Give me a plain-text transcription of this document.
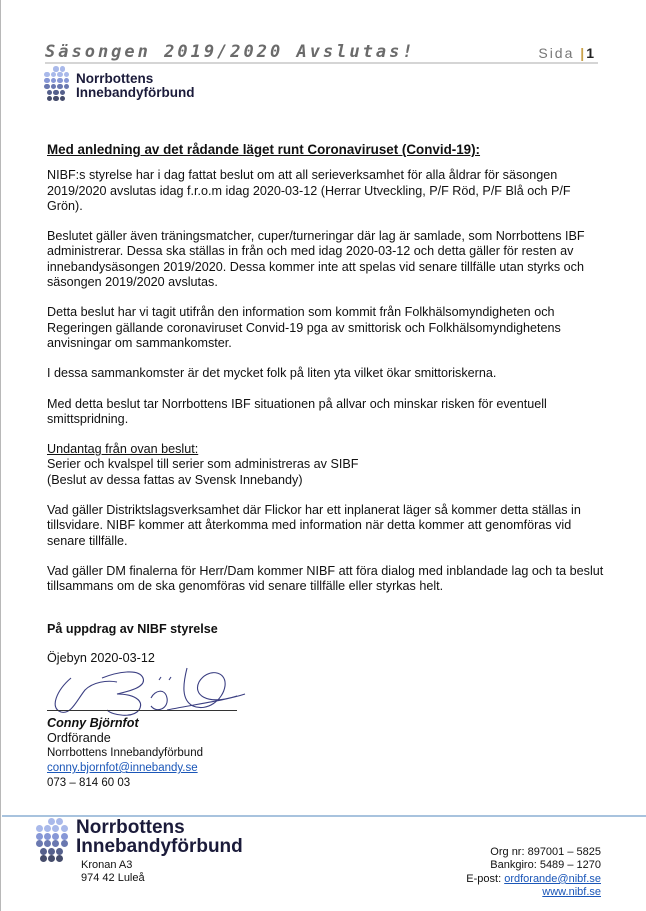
Säsongen 2019/2020 Avslutas!	Sida |1
Norrbottens
Innebandyförbund
Med anledning av det rådande läget runt Coronaviruset (Convid-19):

NIBF:s styrelse har i dag fattat beslut om att all serieverksamhet för alla åldrar för säsongen 2019/2020 avslutas idag f.r.o.m idag 2020-03-12 (Herrar Utveckling, P/F Röd, P/F Blå och P/F Grön).

Beslutet gäller även träningsmatcher, cuper/turneringar där lag är samlade, som Norrbottens IBF administrerar. Dessa ska ställas in från och med idag 2020-03-12 och detta gäller för resten av innebandysäsongen 2019/2020. Dessa kommer inte att spelas vid senare tillfälle utan styrks och säsongen 2019/2020 avslutas.

Detta beslut har vi tagit utifrån den information som kommit från Folkhälsomyndigheten och Regeringen gällande coronaviruset Convid-19 pga av smittorisk och Folkhälsomyndighetens anvisningar om sammankomster.

I dessa sammankomster är det mycket folk på liten yta vilket ökar smittoriskerna.

Med detta beslut tar Norrbottens IBF situationen på allvar och minskar risken för eventuell smittspridning.

Undantag från ovan beslut:
Serier och kvalspel till serier som administreras av SIBF
(Beslut av dessa fattas av Svensk Innebandy)

Vad gäller Distriktslagsverksamhet där Flickor har ett inplanerat läger så kommer detta ställas in tillsvidare. NIBF kommer att återkomma med information när detta kommer att genomföras vid senare tillfälle.

Vad gäller DM finalerna för Herr/Dam kommer NIBF att föra dialog med inblandade lag och ta beslut tillsammans om de ska genomföras vid senare tillfälle eller styrkas helt.

På uppdrag av NIBF styrelse
Öjebyn 2020-03-12
Conny Björnfot
Ordförande
Norrbottens Innebandyförbund
conny.bjornfot@innebandy.se
073 – 814 60 03
Norrbottens
Innebandyförbund
Kronan A3
974 42 Luleå
Org nr: 897001 – 5825
Bankgiro: 5489 – 1270
E-post: ordforande@nibf.se
www.nibf.se
